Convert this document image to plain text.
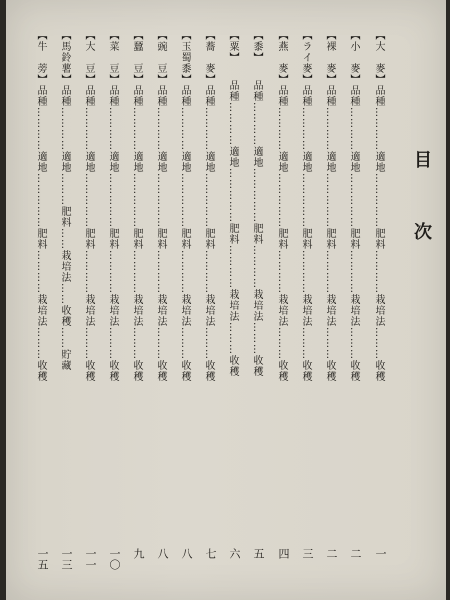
目
次
【大　麥】品種…………適地……………肥料…………栽培法………收穫
【小　麥】品種…………適地……………肥料…………栽培法………收穫
【裸　麥】品種…………適地……………肥料…………栽培法………收穫
【ライ麥】品種…………適地……………肥料…………栽培法………收穫
【燕　麥】品種…………適地……………肥料…………栽培法………收穫
【黍】　　品種…………適地……………肥料…………栽培法………收穫
【粟】　　品種…………適地……………肥料…………栽培法………收穫
【蕎　麥】品種…………適地……………肥料…………栽培法………收穫
【玉蜀黍】品種…………適地……………肥料…………栽培法………收穫
【豌　豆】品種…………適地……………肥料…………栽培法………收穫
【蠶　豆】品種…………適地……………肥料…………栽培法………收穫
【菜　豆】品種…………適地……………肥料…………栽培法………收穫
【大　豆】品種…………適地……………肥料…………栽培法………收穫
【馬鈴薯】品種…………適地………肥料……栽培法……收穫……貯藏
【牛　蒡】品種…………適地……………肥料…………栽培法………收穫
一
二
二
三
四
五
六
七
八
八
九
一〇
一一
一三
一五
